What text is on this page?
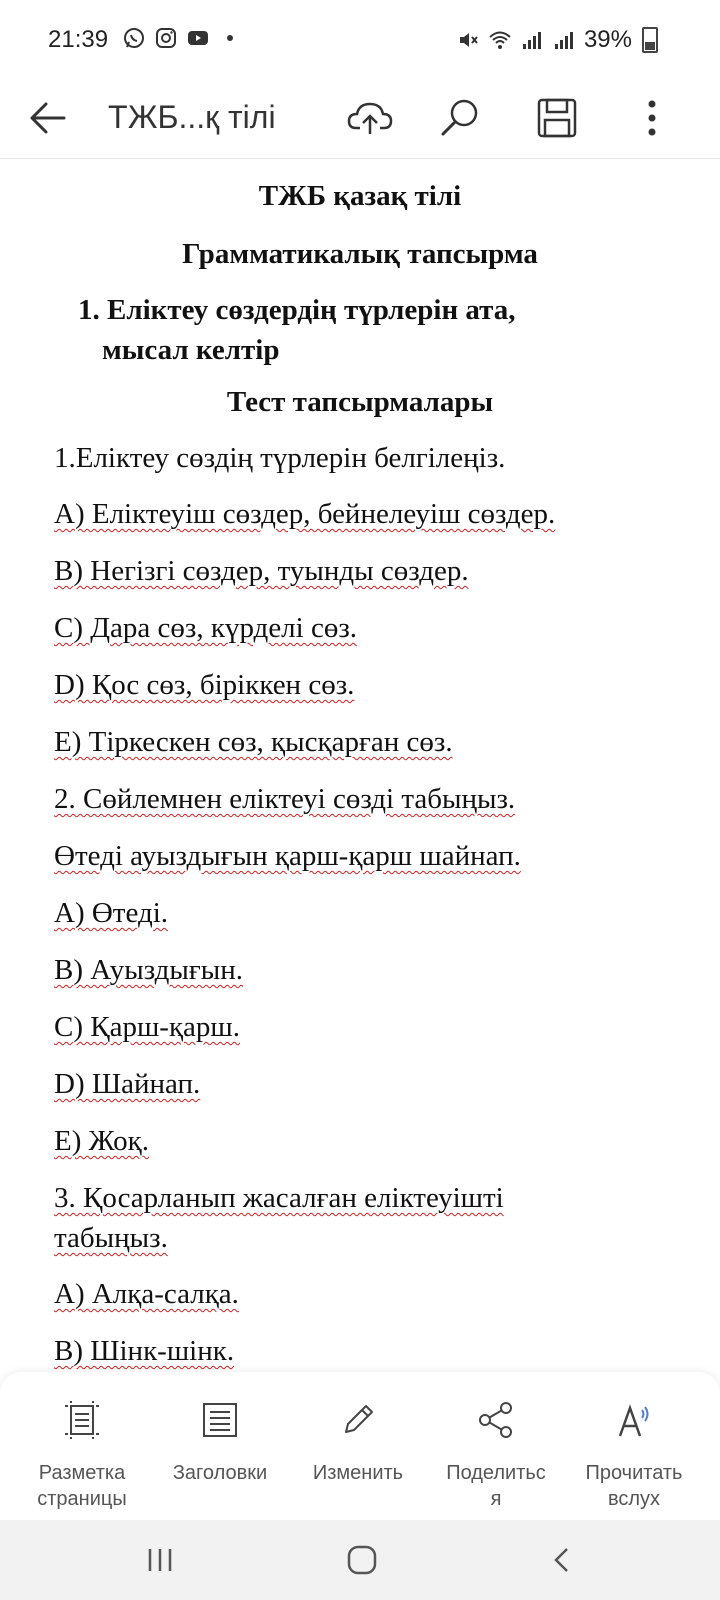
21:39	39%
ТЖБ...қ тілі
ТЖБ қазақ тілі
Грамматикалық тапсырма
1. Еліктеу сөздердің түрлерін ата,
мысал келтір
Тест тапсырмалары
1.Еліктеу сөздің түрлерін белгілеңіз.
А) Еліктеуіш сөздер, бейнелеуіш сөздер.
В) Негізгі сөздер, туынды сөздер.
С) Дара сөз, күрделі сөз.
D) Қос сөз, біріккен сөз.
Е) Тіркескен сөз, қысқарған сөз.
2. Сөйлемнен еліктеуі сөзді табыңыз.
Өтеді ауыздығын қарш-қарш шайнап.
А) Өтеді.
В) Ауыздығын.
С) Қарш-қарш.
D) Шайнап.
Е) Жоқ.
3. Қосарланып жасалған еліктеуішті
табыңыз.
А) Алқа-салқа.
В) Шінк-шінк.
Разметка
страницы
Заголовки	Изменить	Поделитьс
я
Прочитать
вслух
